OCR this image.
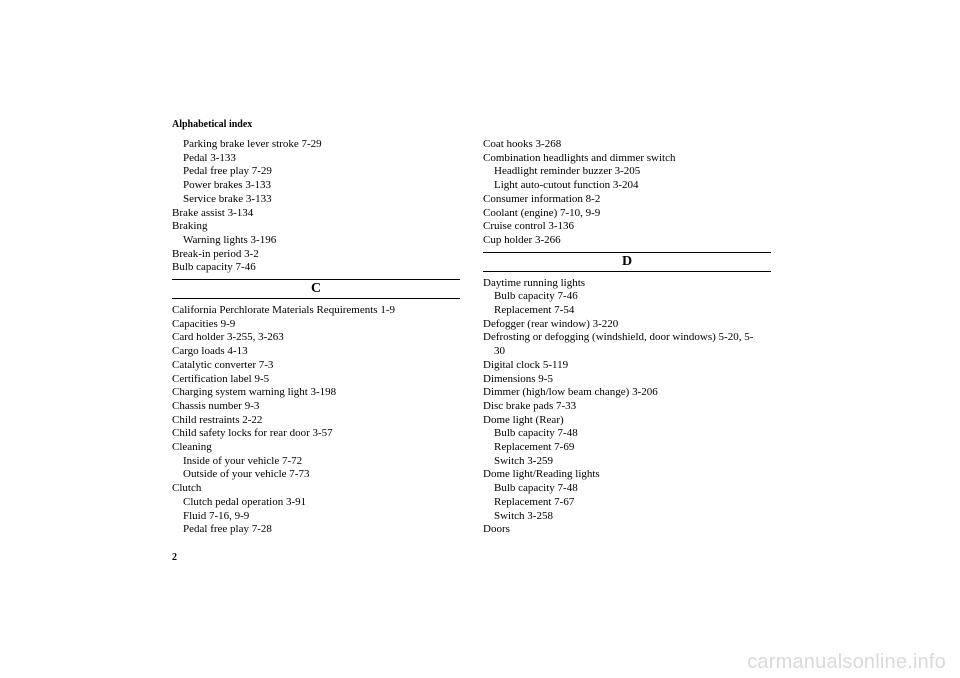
Alphabetical index
Parking brake lever stroke 7-29
Pedal 3-133
Pedal free play 7-29
Power brakes 3-133
Service brake 3-133
Brake assist 3-134
Braking
Warning lights 3-196
Break-in period 3-2
Bulb capacity 7-46
C
California Perchlorate Materials Requirements 1-9
Capacities 9-9
Card holder 3-255, 3-263
Cargo loads 4-13
Catalytic converter 7-3
Certification label 9-5
Charging system warning light 3-198
Chassis number 9-3
Child restraints 2-22
Child safety locks for rear door 3-57
Cleaning
Inside of your vehicle 7-72
Outside of your vehicle 7-73
Clutch
Clutch pedal operation 3-91
Fluid 7-16, 9-9
Pedal free play 7-28
Coat hooks 3-268
Combination headlights and dimmer switch
Headlight reminder buzzer 3-205
Light auto-cutout function 3-204
Consumer information 8-2
Coolant (engine) 7-10, 9-9
Cruise control 3-136
Cup holder 3-266
D
Daytime running lights
Bulb capacity 7-46
Replacement 7-54
Defogger (rear window) 3-220
Defrosting or defogging (windshield, door windows) 5-20, 5-
30
Digital clock 5-119
Dimensions 9-5
Dimmer (high/low beam change) 3-206
Disc brake pads 7-33
Dome light (Rear)
Bulb capacity 7-48
Replacement 7-69
Switch 3-259
Dome light/Reading lights
Bulb capacity 7-48
Replacement 7-67
Switch 3-258
Doors
2
carmanualsonline.info
